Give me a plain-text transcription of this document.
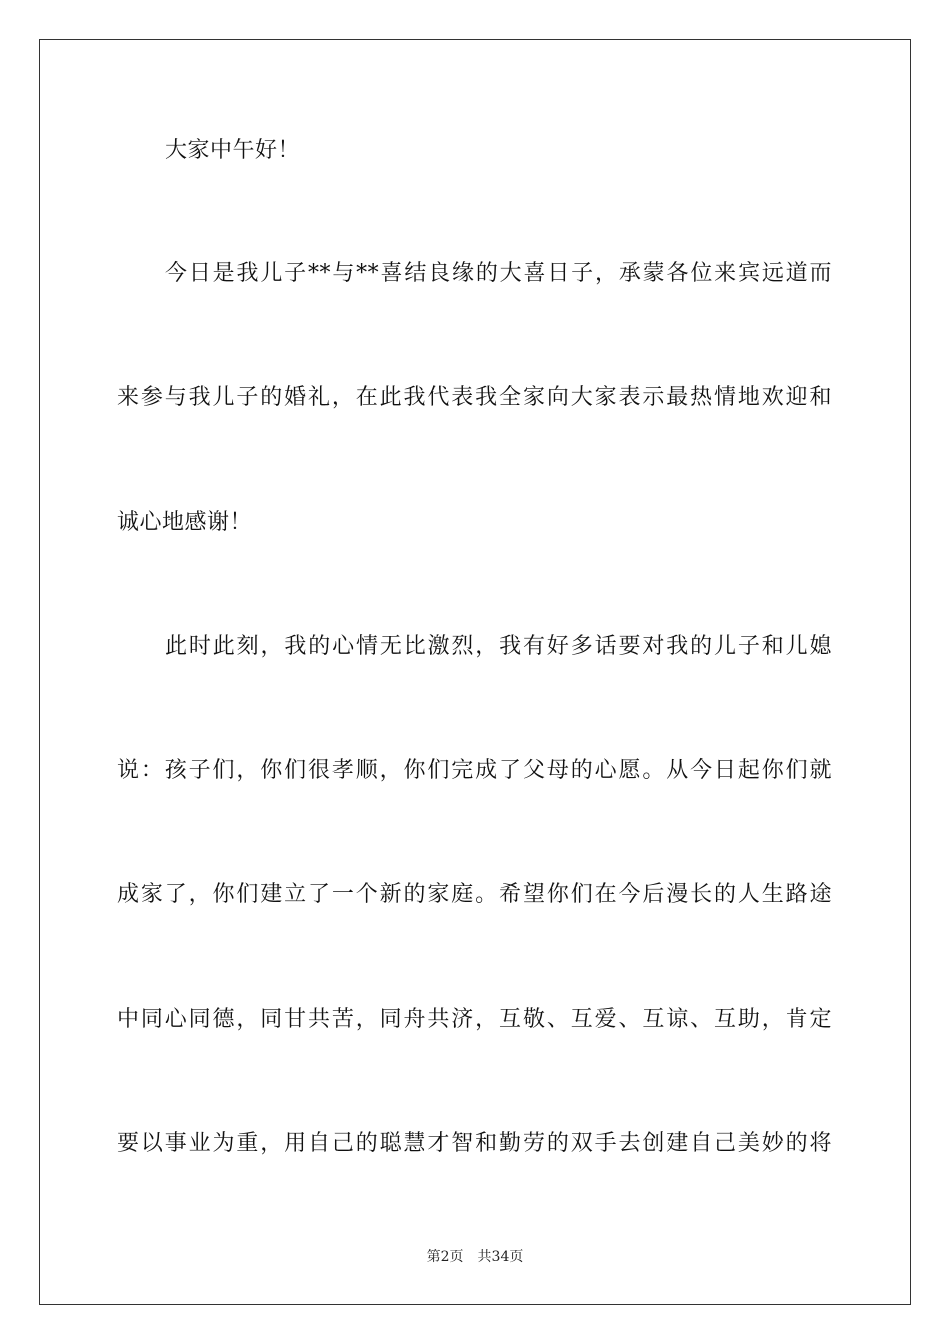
大家中午好！
今日是我儿子**与**喜结良缘的大喜日子，承蒙各位来宾远道而
来参与我儿子的婚礼，在此我代表我全家向大家表示最热情地欢迎和
诚心地感谢！
此时此刻，我的心情无比激烈，我有好多话要对我的儿子和儿媳
说：孩子们，你们很孝顺，你们完成了父母的心愿。从今日起你们就
成家了，你们建立了一个新的家庭。希望你们在今后漫长的人生路途
中同心同德，同甘共苦，同舟共济，互敬、互爱、互谅、互助，肯定
要以事业为重，用自己的聪慧才智和勤劳的双手去创建自己美妙的将
第2页 共34页
